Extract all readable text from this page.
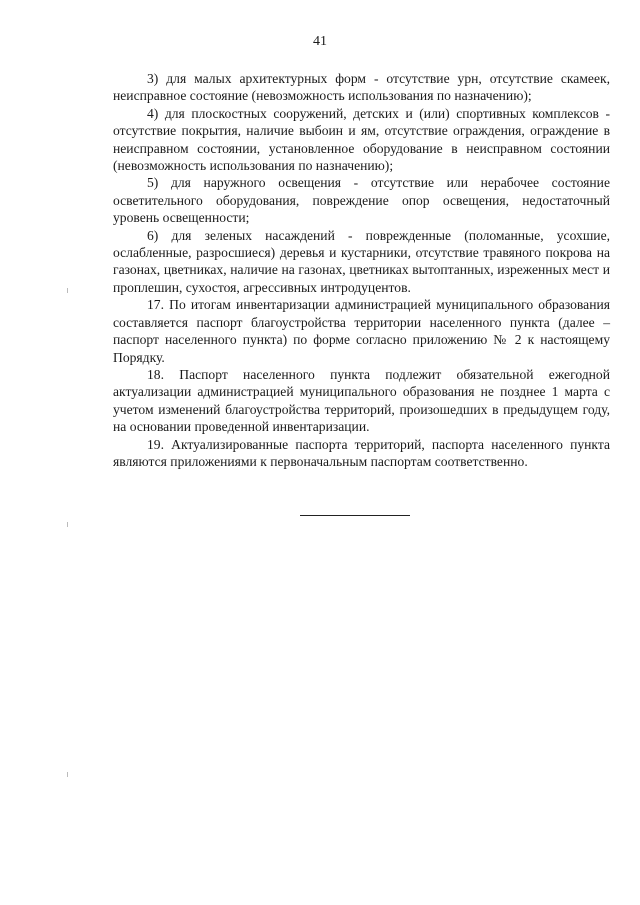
41

3) для малых архитектурных форм - отсутствие урн, отсутствие скамеек, неисправное состояние (невозможность использования по назначению);

4) для плоскостных сооружений, детских и (или) спортивных комплексов - отсутствие покрытия, наличие выбоин и ям, отсутствие ограждения, ограждение в неисправном состоянии, установленное оборудование в неисправном состоянии (невозможность использования по назначению);

5) для наружного освещения - отсутствие или нерабочее состояние осветительного оборудования, повреждение опор освещения, недостаточный уровень освещенности;

6) для зеленых насаждений - поврежденные (поломанные, усохшие, ослабленные, разросшиеся) деревья и кустарники, отсутствие травяного покрова на газонах, цветниках, наличие на газонах, цветниках вытоптанных, изреженных мест и проплешин, сухостоя, агрессивных интродуцентов.

17. По итогам инвентаризации администрацией муниципального образования составляется паспорт благоустройства территории населенного пункта (далее – паспорт населенного пункта) по форме согласно приложению № 2 к настоящему Порядку.

18. Паспорт населенного пункта подлежит обязательной ежегодной актуализации администрацией муниципального образования не позднее 1 марта с учетом изменений благоустройства территорий, произошедших в предыдущем году, на основании проведенной инвентаризации.

19. Актуализированные паспорта территорий, паспорта населенного пункта являются приложениями к первоначальным паспортам соответственно.
